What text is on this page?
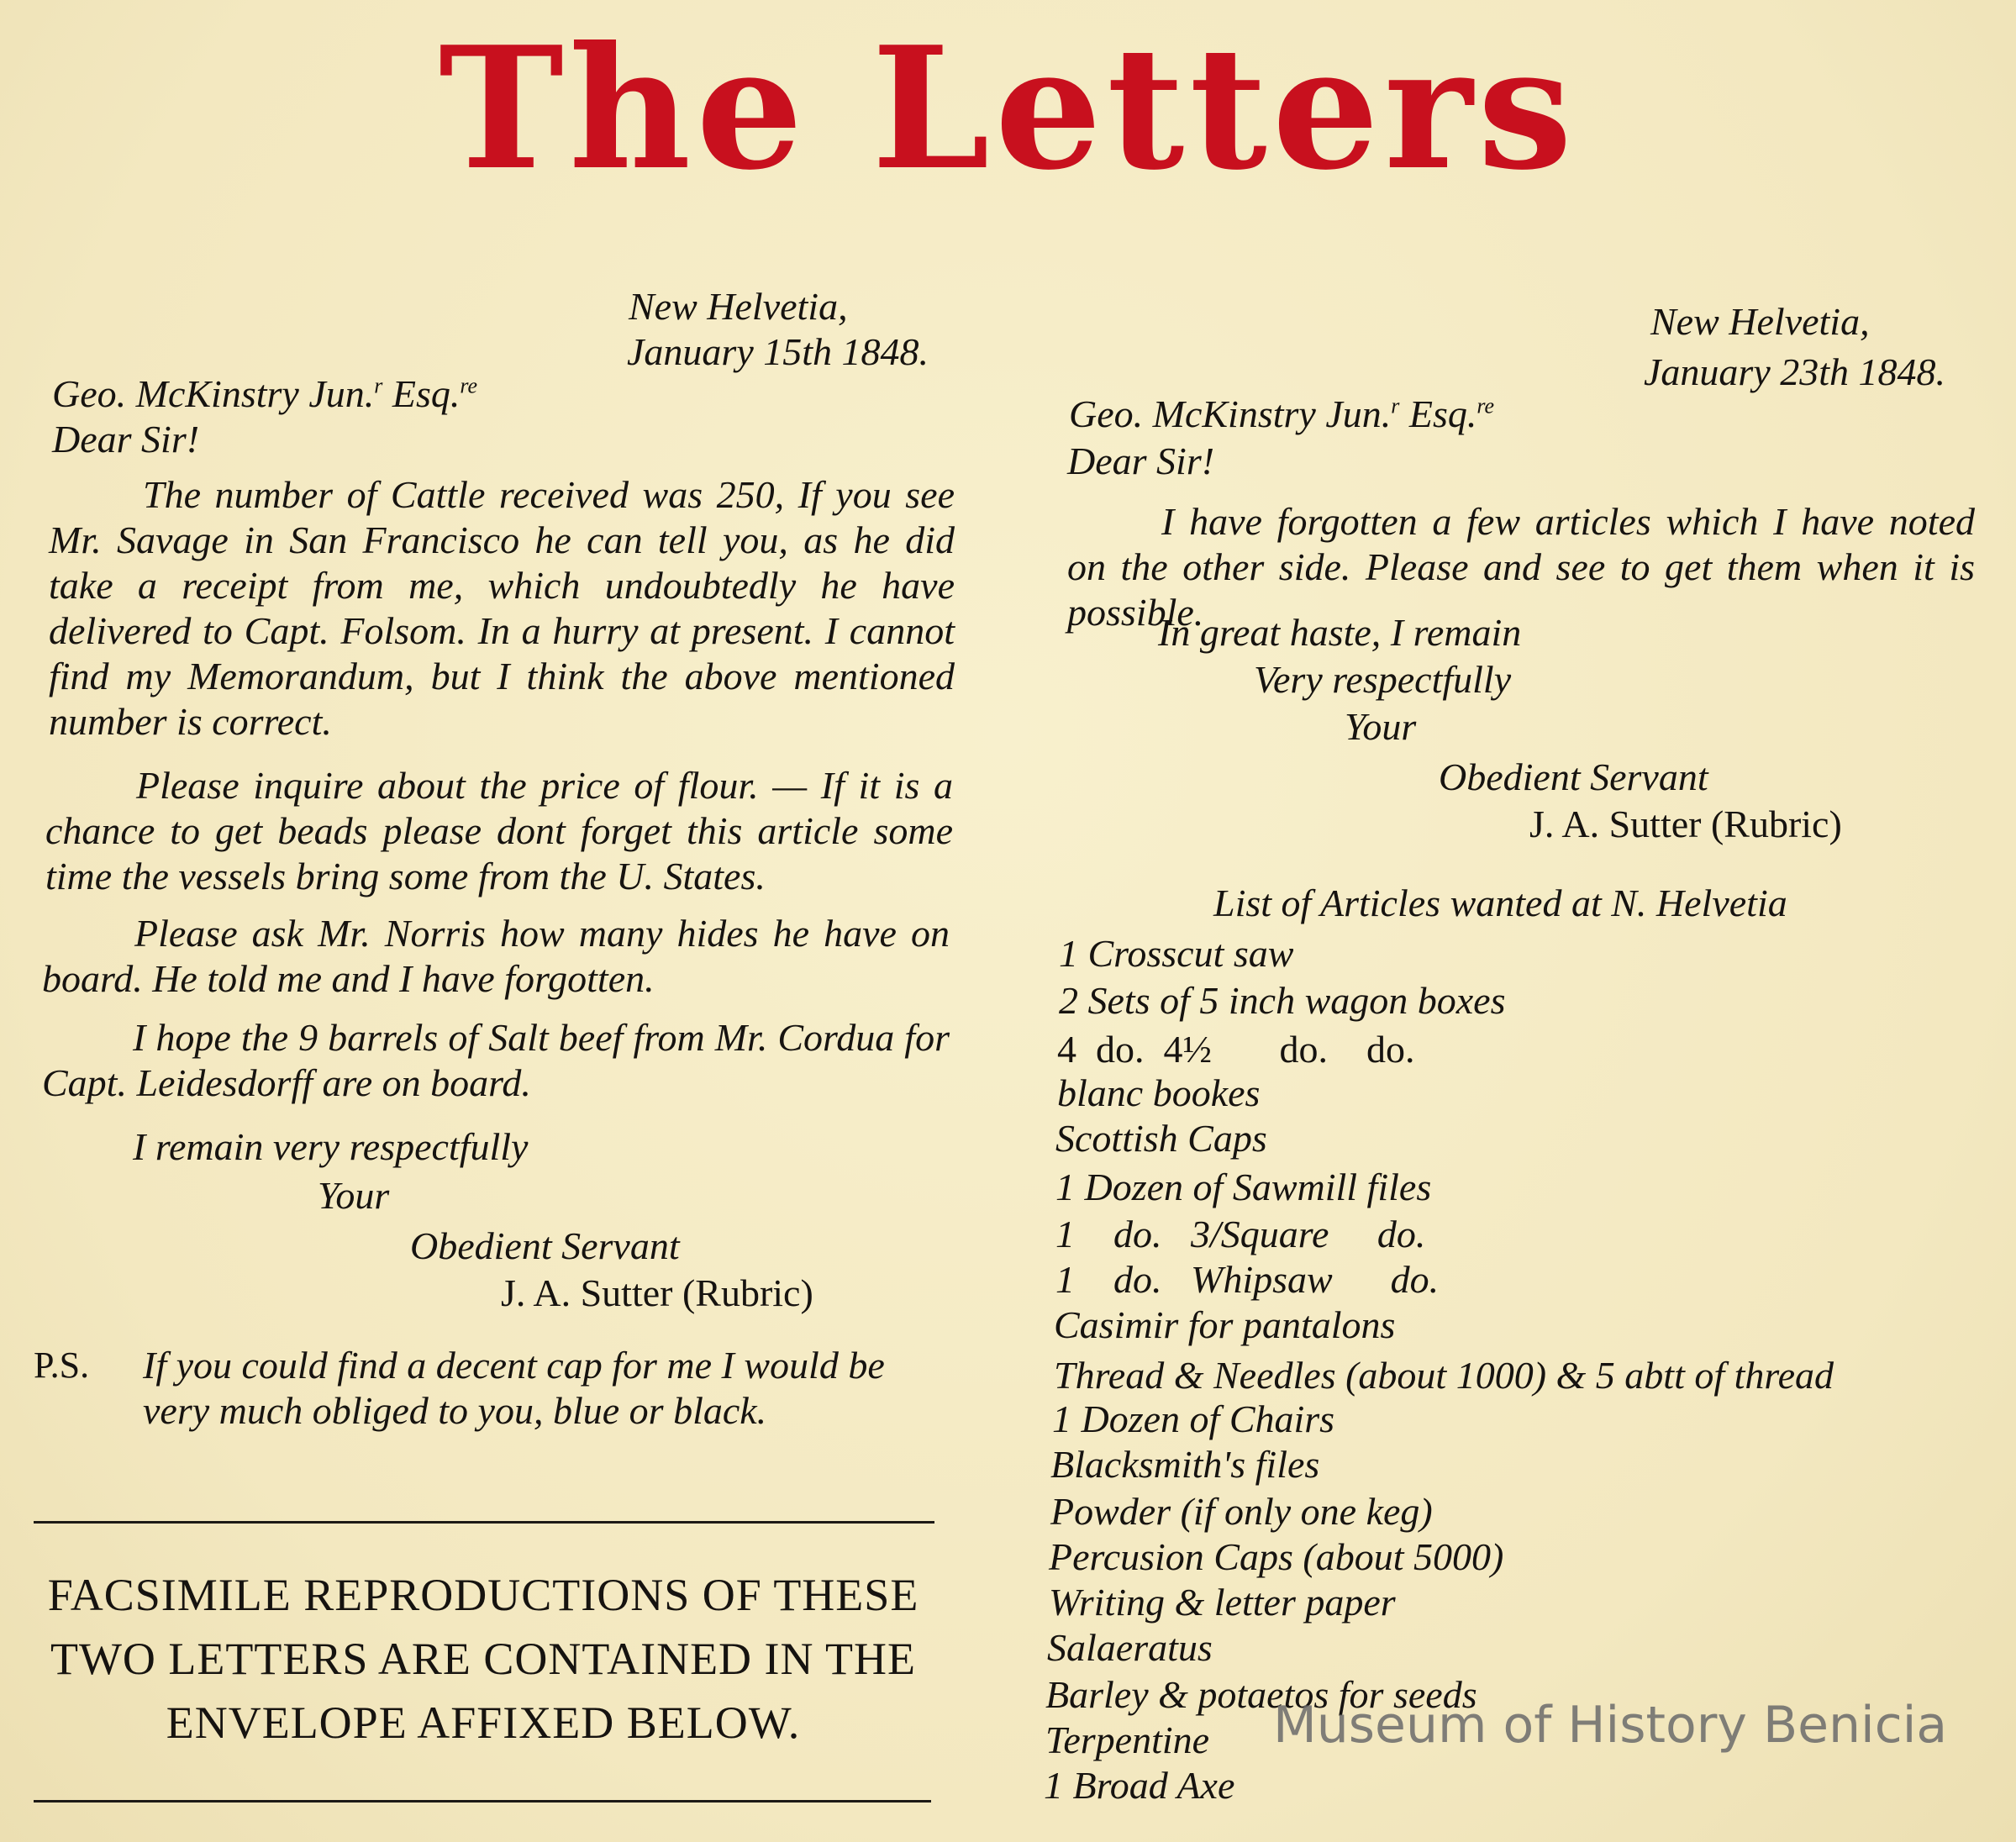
The Letters
New Helvetia,
January 15th 1848.
Geo. McKinstry Jun.$^r$ Esq.$^{re}$
Dear Sir!
The number of Cattle received was 250, If you see Mr. Savage in San Francisco he can tell you, as he did take a receipt from me, which undoubtedly he have delivered to Capt. Folsom. In a hurry at present. I cannot find my Memorandum, but I think the above mentioned number is correct.
Please inquire about the price of flour. — If it is a chance to get beads please dont forget this article some time the vessels bring some from the U. States.
Please ask Mr. Norris how many hides he have on board. He told me and I have forgotten.
I hope the 9 barrels of Salt beef from Mr. Cordua for Capt. Leidesdorff are on board.
I remain very respectfully
Your
Obedient Servant
J. A. Sutter (Rubric)
P.S. If you could find a decent cap for me I would be very much obliged to you, blue or black.
FACSIMILE REPRODUCTIONS OF THESE TWO LETTERS ARE CONTAINED IN THE ENVELOPE AFFIXED BELOW.
New Helvetia,
January 23th 1848.
Geo. McKinstry Jun.$^r$ Esq.$^{re}$
Dear Sir!
I have forgotten a few articles which I have noted on the other side. Please and see to get them when it is possible.
In great haste, I remain
Very respectfully
Your
Obedient Servant
J. A. Sutter (Rubric)
List of Articles wanted at N. Helvetia
1 Crosscut saw
2 Sets of 5 inch wagon boxes
4  do.  4½       do.    do.
blanc bookes
Scottish Caps
1 Dozen of Sawmill files
1    do.   3/Square     do.
1    do.   Whipsaw      do.
Casimir for pantalons
Thread & Needles (about 1000) & 5 abtt of thread
1 Dozen of Chairs
Blacksmith's files
Powder (if only one keg)
Percusion Caps (about 5000)
Writing & letter paper
Salaeratus
Barley & potaetos for seeds
Terpentine
1 Broad Axe
Museum of History Benicia
